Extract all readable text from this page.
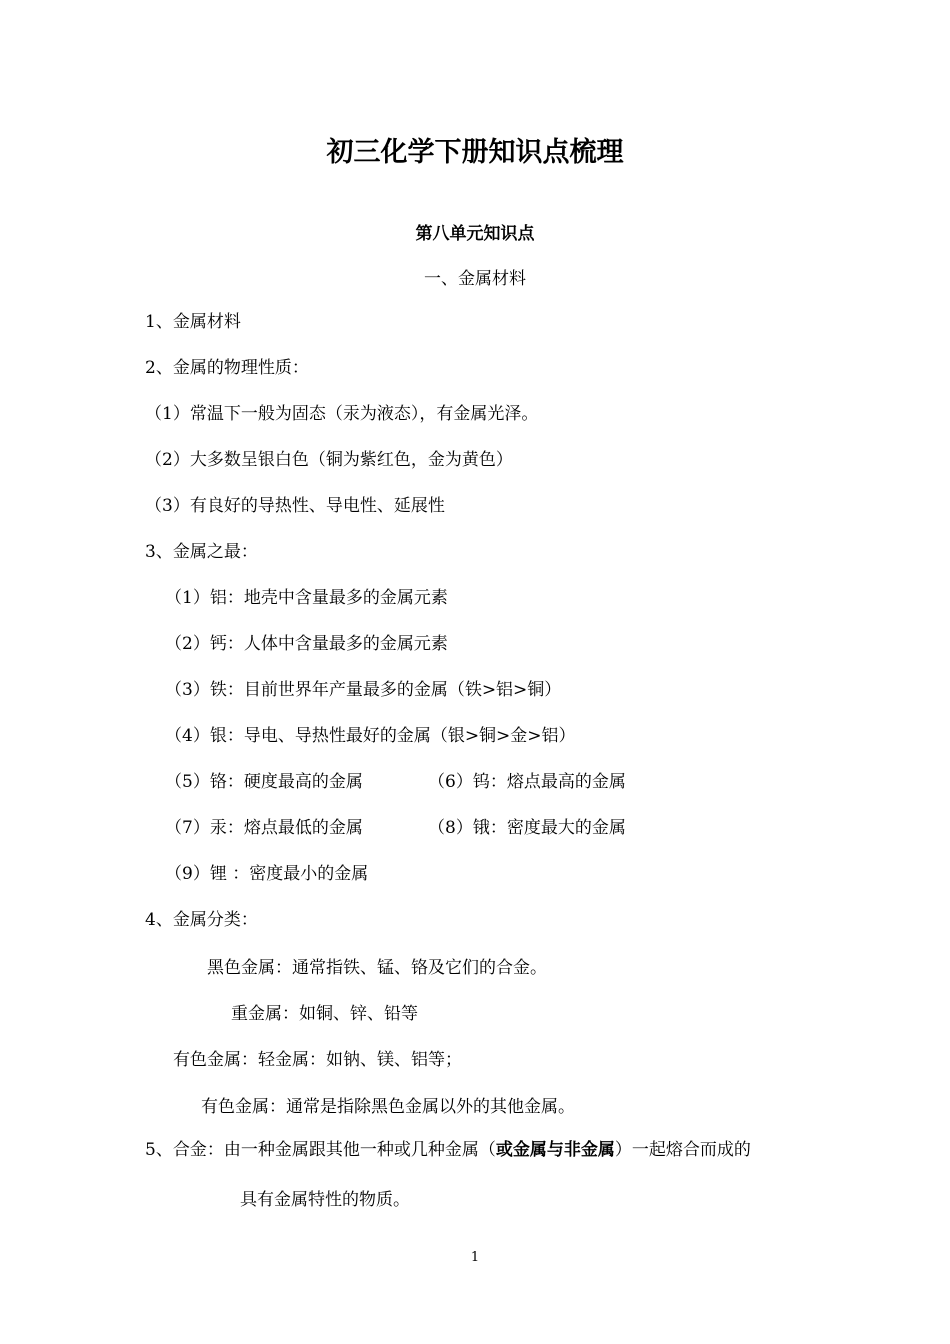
初三化学下册知识点梳理
第八单元知识点
一、金属材料
1、金属材料
2、金属的物理性质：
（1）常温下一般为固态（汞为液态），有金属光泽。
（2）大多数呈银白色（铜为紫红色，金为黄色）
（3）有良好的导热性、导电性、延展性
3、金属之最：
（1）铝：地壳中含量最多的金属元素
（2）钙：人体中含量最多的金属元素
（3）铁：目前世界年产量最多的金属（铁>铝>铜）
（4）银：导电、导热性最好的金属（银>铜>金>铝）
（5）铬：硬度最高的金属	（6）钨：熔点最高的金属
（7）汞：熔点最低的金属	（8）锇：密度最大的金属
（9）锂 ：密度最小的金属
4、金属分类：
黑色金属：通常指铁、锰、铬及它们的合金。
重金属：如铜、锌、铅等
有色金属：轻金属：如钠、镁、铝等；
有色金属：通常是指除黑色金属以外的其他金属。
5、合金：由一种金属跟其他一种或几种金属（或金属与非金属）一起熔合而成的
具有金属特性的物质。
1
